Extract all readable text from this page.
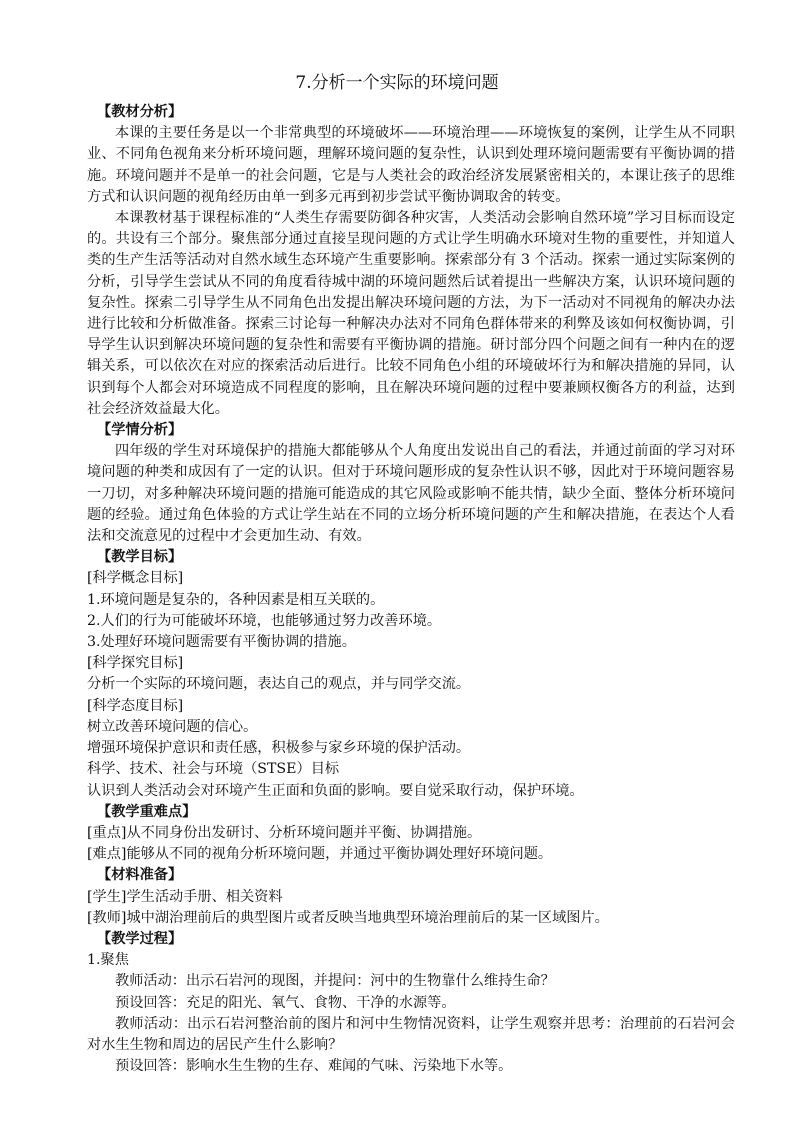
7.分析一个实际的环境问题

【教材分析】

本课的主要任务是以一个非常典型的环境破坏——环境治理——环境恢复的案例，让学生从不同职业、不同角色视角来分析环境问题，理解环境问题的复杂性，认识到处理环境问题需要有平衡协调的措施。环境问题并不是单一的社会问题，它是与人类社会的政治经济发展紧密相关的，本课让孩子的思维方式和认识问题的视角经历由单一到多元再到初步尝试平衡协调取舍的转变。

本课教材基于课程标准的“人类生存需要防御各种灾害，人类活动会影响自然环境”学习目标而设定的。共设有三个部分。聚焦部分通过直接呈现问题的方式让学生明确水环境对生物的重要性，并知道人类的生产生活等活动对自然水域生态环境产生重要影响。探索部分有 3 个活动。探索一通过实际案例的分析，引导学生尝试从不同的角度看待城中湖的环境问题然后试着提出一些解决方案，认识环境问题的复杂性。探索二引导学生从不同角色出发提出解决环境问题的方法，为下一活动对不同视角的解决办法进行比较和分析做准备。探索三讨论每一种解决办法对不同角色群体带来的利弊及该如何权衡协调，引导学生认识到解决环境问题的复杂性和需要有平衡协调的措施。研讨部分四个问题之间有一种内在的逻辑关系，可以依次在对应的探索活动后进行。比较不同角色小组的环境破坏行为和解决措施的异同，认识到每个人都会对环境造成不同程度的影响，且在解决环境问题的过程中要兼顾权衡各方的利益，达到社会经济效益最大化。

【学情分析】

四年级的学生对环境保护的措施大都能够从个人角度出发说出自己的看法，并通过前面的学习对环境问题的种类和成因有了一定的认识。但对于环境问题形成的复杂性认识不够，因此对于环境问题容易一刀切，对多种解决环境问题的措施可能造成的其它风险或影响不能共情，缺少全面、整体分析环境问题的经验。通过角色体验的方式让学生站在不同的立场分析环境问题的产生和解决措施，在表达个人看法和交流意见的过程中才会更加生动、有效。

【教学目标】

[科学概念目标]

1.环境问题是复杂的，各种因素是相互关联的。

2.人们的行为可能破坏环境，也能够通过努力改善环境。

3.处理好环境问题需要有平衡协调的措施。

[科学探究目标]

分析一个实际的环境问题，表达自己的观点，并与同学交流。

[科学态度目标]

树立改善环境问题的信心。

增强环境保护意识和责任感，积极参与家乡环境的保护活动。

科学、技术、社会与环境（STSE）目标

认识到人类活动会对环境产生正面和负面的影响。要自觉采取行动，保护环境。

【教学重难点】

[重点]从不同身份出发研讨、分析环境问题并平衡、协调措施。

[难点]能够从不同的视角分析环境问题，并通过平衡协调处理好环境问题。

【材料准备】

[学生]学生活动手册、相关资料

[教师]城中湖治理前后的典型图片或者反映当地典型环境治理前后的某一区域图片。

【教学过程】

1.聚焦

教师活动：出示石岩河的现图，并提问：河中的生物靠什么维持生命？

预设回答：充足的阳光、氧气、食物、干净的水源等。

教师活动：出示石岩河整治前的图片和河中生物情况资料，让学生观察并思考：治理前的石岩河会对水生生物和周边的居民产生什么影响？

预设回答：影响水生生物的生存、难闻的气味、污染地下水等。
